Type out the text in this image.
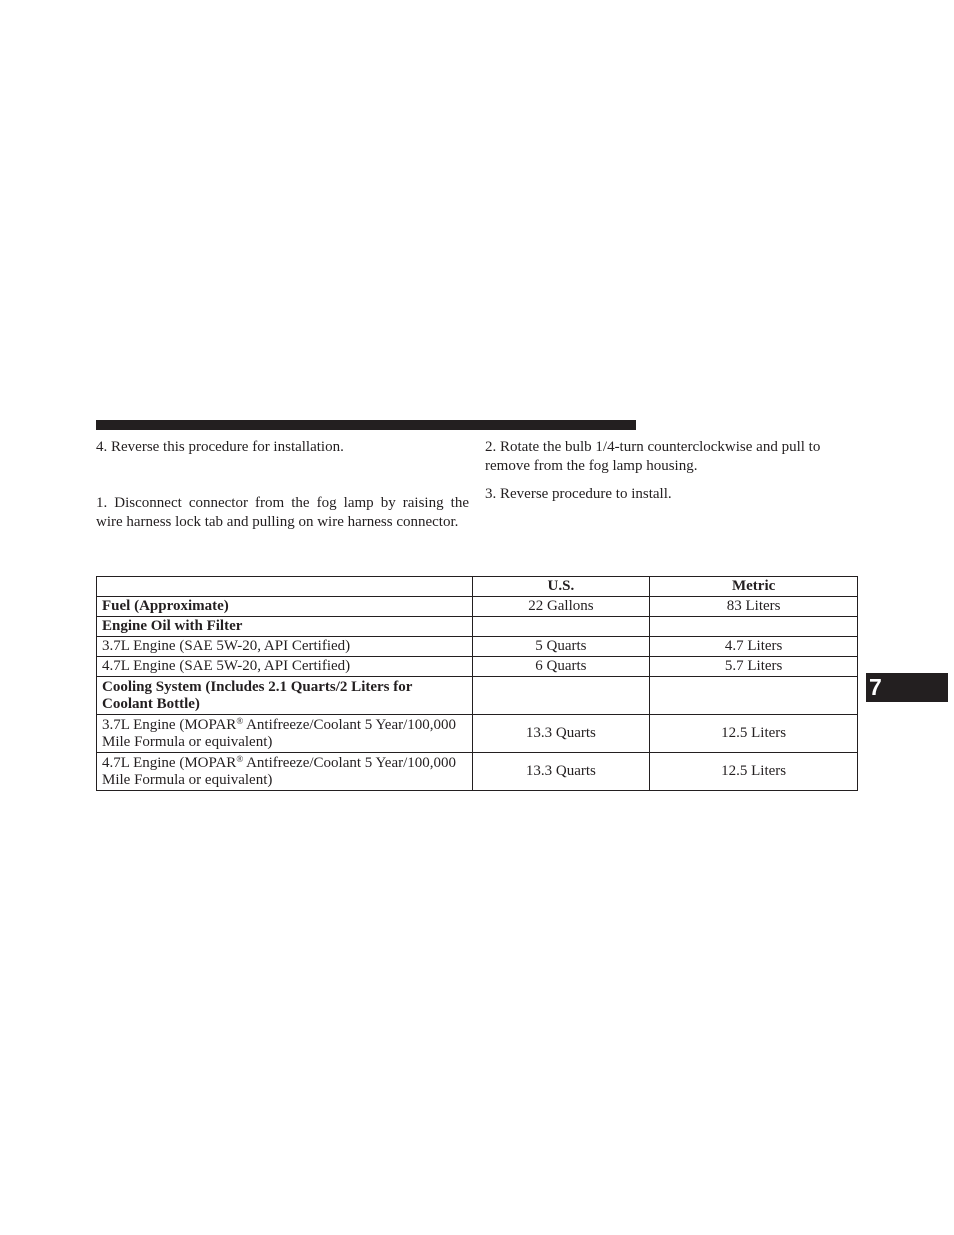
4. Reverse this procedure for installation.

1. Disconnect connector from the fog lamp by raising the wire harness lock tab and pulling on wire harness connector.

2. Rotate the bulb 1/4-turn counterclockwise and pull to remove from the fog lamp housing.

3. Reverse procedure to install.

7
	U.S.	Metric
Fuel (Approximate)	22 Gallons	83 Liters
Engine Oil with Filter		
3.7L Engine (SAE 5W-20, API Certified)	5 Quarts	4.7 Liters
4.7L Engine (SAE 5W-20, API Certified)	6 Quarts	5.7 Liters
Cooling System (Includes 2.1 Quarts/2 Liters for Coolant Bottle)		
3.7L Engine (MOPAR® Antifreeze/Coolant 5 Year/100,000 Mile Formula or equivalent)	13.3 Quarts	12.5 Liters
4.7L Engine (MOPAR® Antifreeze/Coolant 5 Year/100,000 Mile Formula or equivalent)	13.3 Quarts	12.5 Liters
